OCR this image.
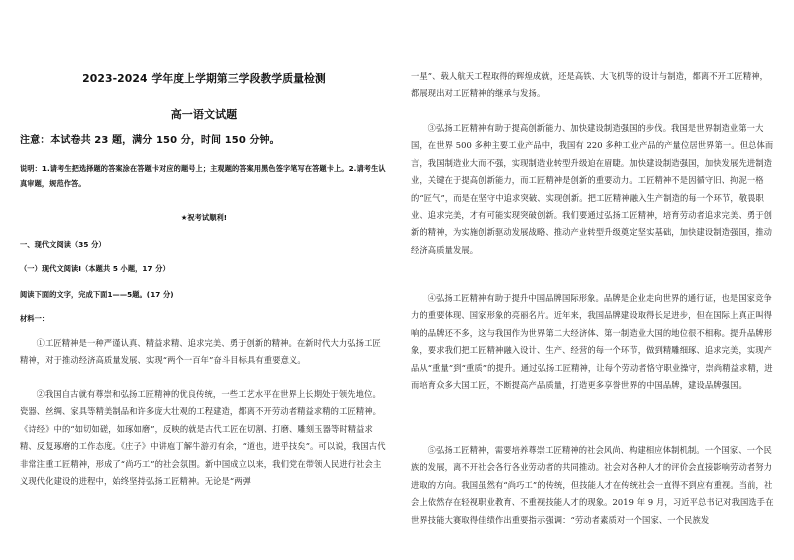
2023-2024 学年度上学期第三学段教学质量检测
高一语文试题
注意：本试卷共 23 题，满分 150 分，时间 150 分钟。
说明：1.请考生把选择题的答案涂在答题卡对应的题号上；主观题的答案用黑色签字笔写在答题卡上。2.请考生认真审题，规范作答。
★祝考试顺利!
一、现代文阅读（35 分）
（一）现代文阅读Ⅰ（本题共 5 小题，17 分）
阅读下面的文字，完成下面1——5题。(17 分)
材料一：

①工匠精神是一种严谨认真、精益求精、追求完美、勇于创新的精神。在新时代大力弘扬工匠精神，对于推动经济高质量发展、实现“两个一百年”奋斗目标具有重要意义。

②我国自古就有尊崇和弘扬工匠精神的优良传统，一些工艺水平在世界上长期处于领先地位。瓷器、丝绸、家具等精美制品和许多庞大壮观的工程建造，都离不开劳动者精益求精的工匠精神。《诗经》中的“如切如磋，如琢如磨”，反映的就是古代工匠在切割、打磨、雕刻玉器等时精益求精、反复琢磨的工作态度。《庄子》中讲庖丁解牛游刃有余，“道也，进乎技矣”。可以说，我国古代非常注重工匠精神，形成了“尚巧工”的社会氛围。新中国成立以来，我们党在带领人民进行社会主义现代化建设的进程中，始终坚持弘扬工匠精神。无论是“两弹

一星”、载人航天工程取得的辉煌成就，还是高铁、大飞机等的设计与制造，都离不开工匠精神，都展现出对工匠精神的继承与发扬。

③弘扬工匠精神有助于提高创新能力、加快建设制造强国的步伐。我国是世界制造业第一大国，在世界 500 多种主要工业产品中，我国有 220 多种工业产品的产量位居世界第一。但总体而言，我国制造业大而不强，实现制造业转型升级迫在眉睫。加快建设制造强国，加快发展先进制造业，关键在于提高创新能力，而工匠精神是创新的重要动力。工匠精神不是因循守旧、拘泥一格的“匠气”，而是在坚守中追求突破、实现创新。把工匠精神融入生产制造的每一个环节，敬畏职业、追求完美，才有可能实现突破创新。我们要通过弘扬工匠精神，培育劳动者追求完美、勇于创新的精神，为实施创新驱动发展战略、推动产业转型升级奠定坚实基础，加快建设制造强国，推动经济高质量发展。

④弘扬工匠精神有助于提升中国品牌国际形象。品牌是企业走向世界的通行证，也是国家竞争力的重要体现、国家形象的亮丽名片。近年来，我国品牌建设取得长足进步，但在国际上真正叫得响的品牌还不多，这与我国作为世界第二大经济体、第一制造业大国的地位很不相称。提升品牌形象，要求我们把工匠精神融入设计、生产、经营的每一个环节，做到精雕细琢、追求完美，实现产品从“重量”到“重质”的提升。通过弘扬工匠精神，让每个劳动者恪守职业操守，崇尚精益求精，进而培育众多大国工匠，不断提高产品质量，打造更多享誉世界的中国品牌，建设品牌强国。

⑤弘扬工匠精神，需要培养尊崇工匠精神的社会风尚、构建相应体制机制。一个国家、一个民族的发展，离不开社会各行各业劳动者的共同推动。社会对各种人才的评价会直接影响劳动者努力进取的方向。我国虽然有“尚巧工”的传统，但技能人才在传统社会一直得不到应有重视。当前，社会上依然存在轻视职业教育、不重视技能人才的现象。2019 年 9 月，习近平总书记对我国选手在世界技能大赛取得佳绩作出重要指示强调：“劳动者素质对一个国家、一个民族发
